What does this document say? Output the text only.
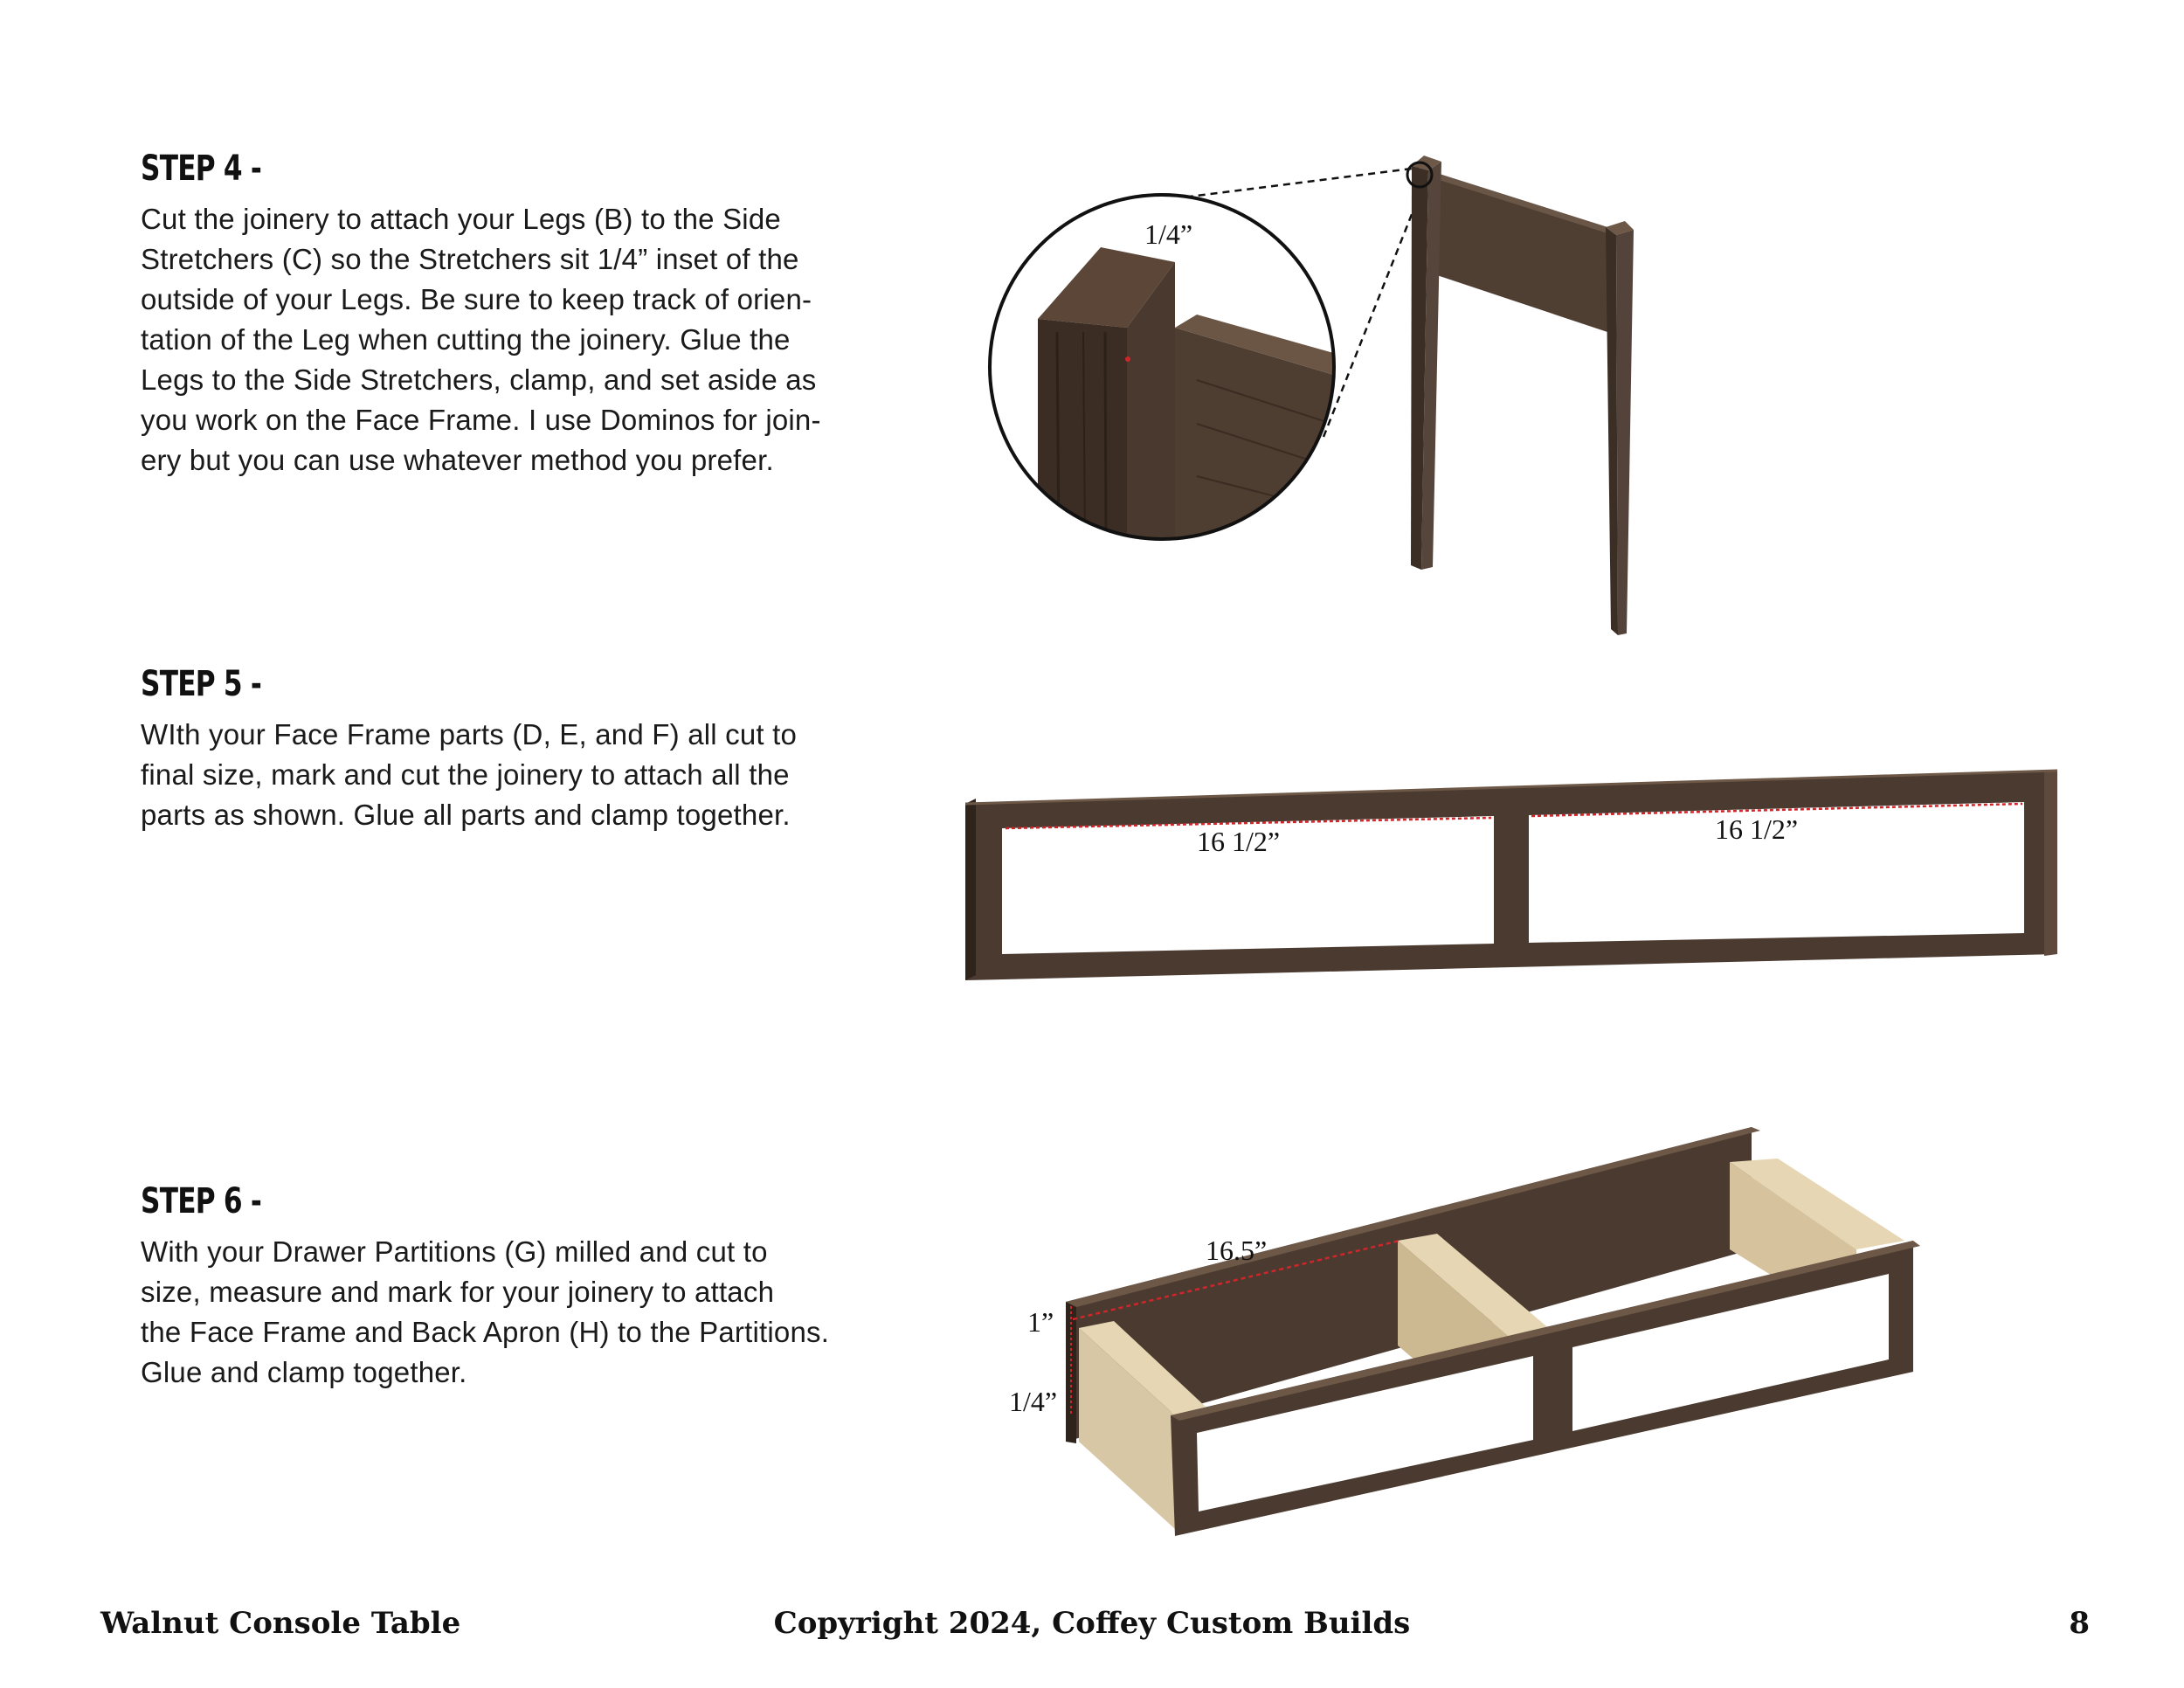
STEP 4 -

Cut the joinery to attach your Legs (B) to the Side
Stretchers (C) so the Stretchers sit 1/4” inset of the
outside of your Legs. Be sure to keep track of orien-
tation of the Leg when cutting the joinery. Glue the
Legs to the Side Stretchers, clamp, and set aside as
you work on the Face Frame. I use Dominos for join-
ery but you can use whatever method you prefer.

STEP 5 -

WIth your Face Frame parts (D, E, and F) all cut to
final size, mark and cut the joinery to attach all the
parts as shown. Glue all parts and clamp together.

STEP 6 -

With your Drawer Partitions (G) milled and cut to
size, measure and mark for your joinery to attach
the Face Frame and Back Apron (H) to the Partitions.
Glue and clamp together.

1/4”
16 1/2”	16 1/2”
16.5”
1”
1/4”
Walnut Console Table	Copyright 2024, Coffey Custom Builds	8
